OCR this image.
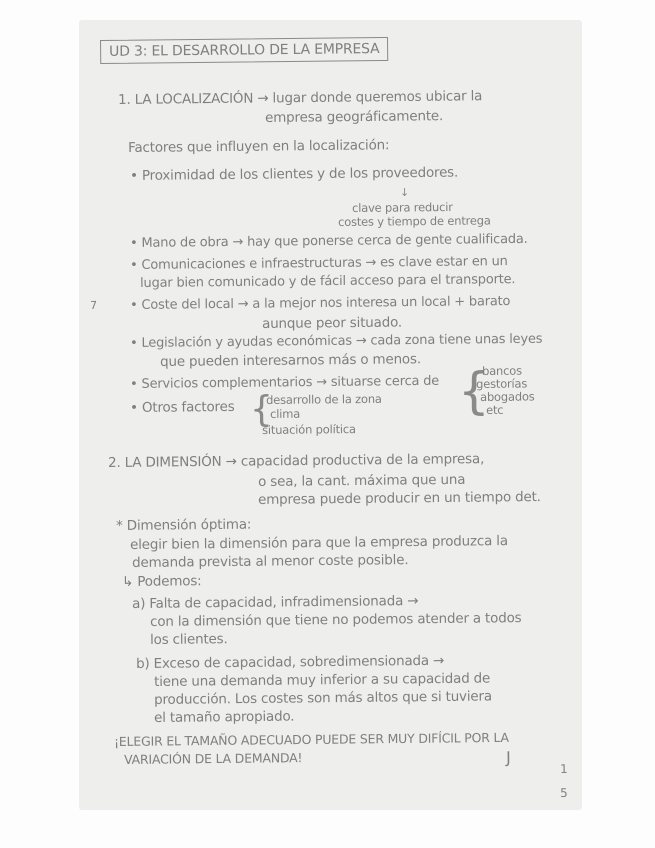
UD 3: EL DESARROLLO DE LA EMPRESA
1. LA LOCALIZACIÓN → lugar donde queremos ubicar la
empresa geográficamente.
Factores que influyen en la localización:
• Proximidad de los clientes y de los proveedores.
↓
clave para reducir
costes y tiempo de entrega
• Mano de obra → hay que ponerse cerca de gente cualificada.
• Comunicaciones e infraestructuras → es clave estar en un
lugar bien comunicado y de fácil acceso para el transporte.
7	• Coste del local → a la mejor nos interesa un local + barato
aunque peor situado.
• Legislación y ayudas económicas → cada zona tiene unas leyes
que pueden interesarnos más o menos.
• Servicios complementarios → situarse cerca de {
bancos
gestorías
abogados
etc
• Otros factores {
desarrollo de la zona
clima
situación política
2. LA DIMENSIÓN → capacidad productiva de la empresa,
o sea, la cant. máxima que una
empresa puede producir en un tiempo det.
* Dimensión óptima:
elegir bien la dimensión para que la empresa produzca la
demanda prevista al menor coste posible.
↳ Podemos:
a) Falta de capacidad, infradimensionada →
con la dimensión que tiene no podemos atender a todos
los clientes.
b) Exceso de capacidad, sobredimensionada →
tiene una demanda muy inferior a su capacidad de
producción. Los costes son más altos que si tuviera
el tamaño apropiado.
¡ELEGIR EL TAMAÑO ADECUADO PUEDE SER MUY DIFÍCIL POR LA
VARIACIÓN DE LA DEMANDA!	J
1
5
